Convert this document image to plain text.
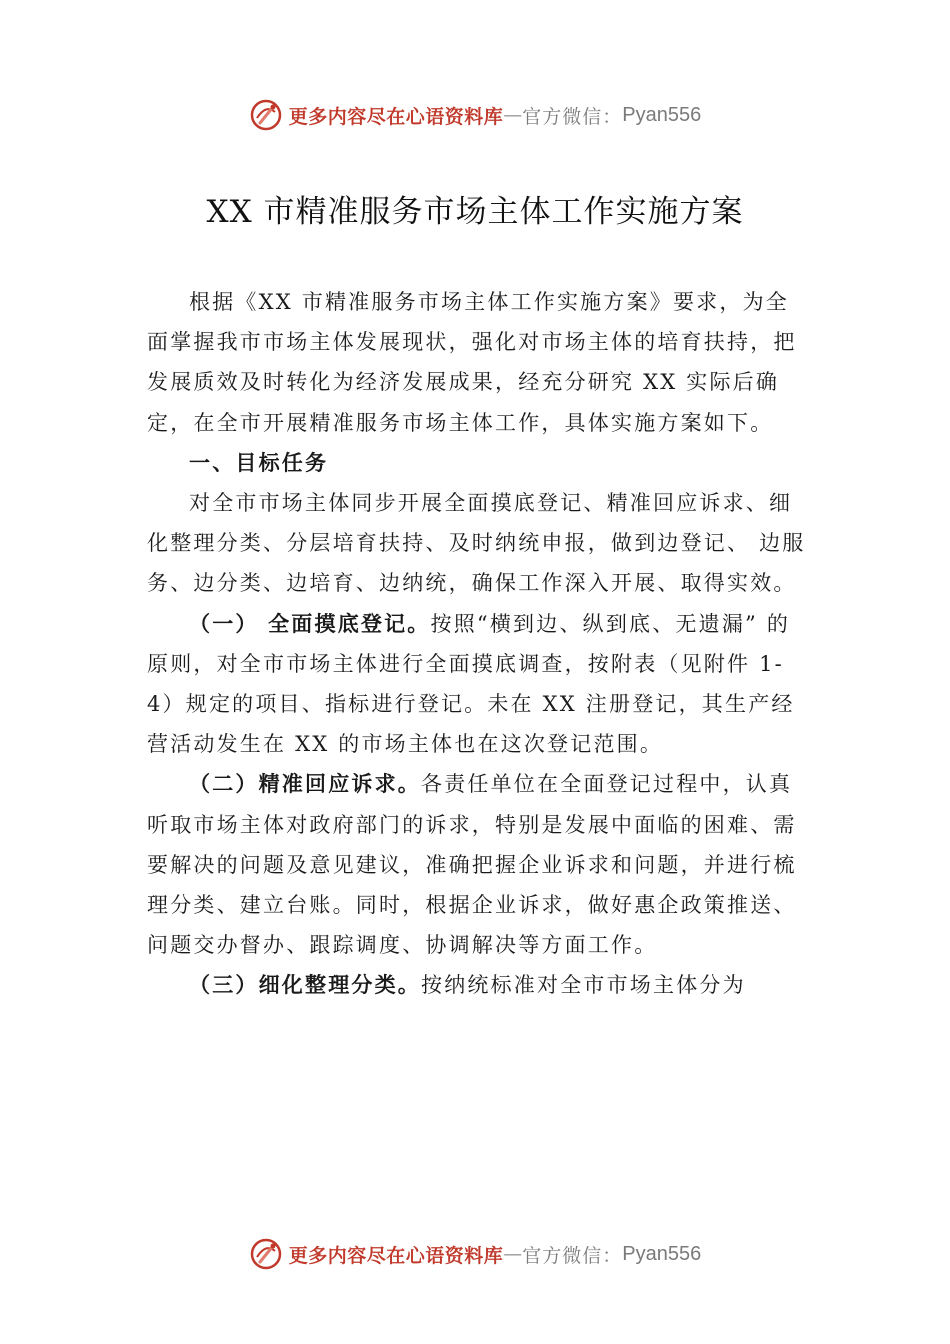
更多内容尽在心语资料库 — 官方微信： Pyan556
XX 市精准服务市场主体工作实施方案

根据《XX 市精准服务市场主体工作实施方案》要求，为全面掌握我市市场主体发展现状，强化对市场主体的培育扶持，把发展质效及时转化为经济发展成果，经充分研究 XX 实际后确定，在全市开展精准服务市场主体工作，具体实施方案如下。

一、目标任务

对全市市场主体同步开展全面摸底登记、精准回应诉求、细化整理分类、分层培育扶持、及时纳统申报，做到边登记、 边服务、边分类、边培育、边纳统，确保工作深入开展、取得实效。

（一） 全面摸底登记。按照“横到边、纵到底、无遗漏” 的原则，对全市市场主体进行全面摸底调查，按附表（见附件 1-4）规定的项目、指标进行登记。未在 XX 注册登记，其生产经营活动发生在 XX 的市场主体也在这次登记范围。

（二）精准回应诉求。各责任单位在全面登记过程中，认真听取市场主体对政府部门的诉求，特别是发展中面临的困难、需要解决的问题及意见建议，准确把握企业诉求和问题，并进行梳理分类、建立台账。同时，根据企业诉求，做好惠企政策推送、问题交办督办、跟踪调度、协调解决等方面工作。

（三）细化整理分类。按纳统标准对全市市场主体分为

更多内容尽在心语资料库 — 官方微信： Pyan556
